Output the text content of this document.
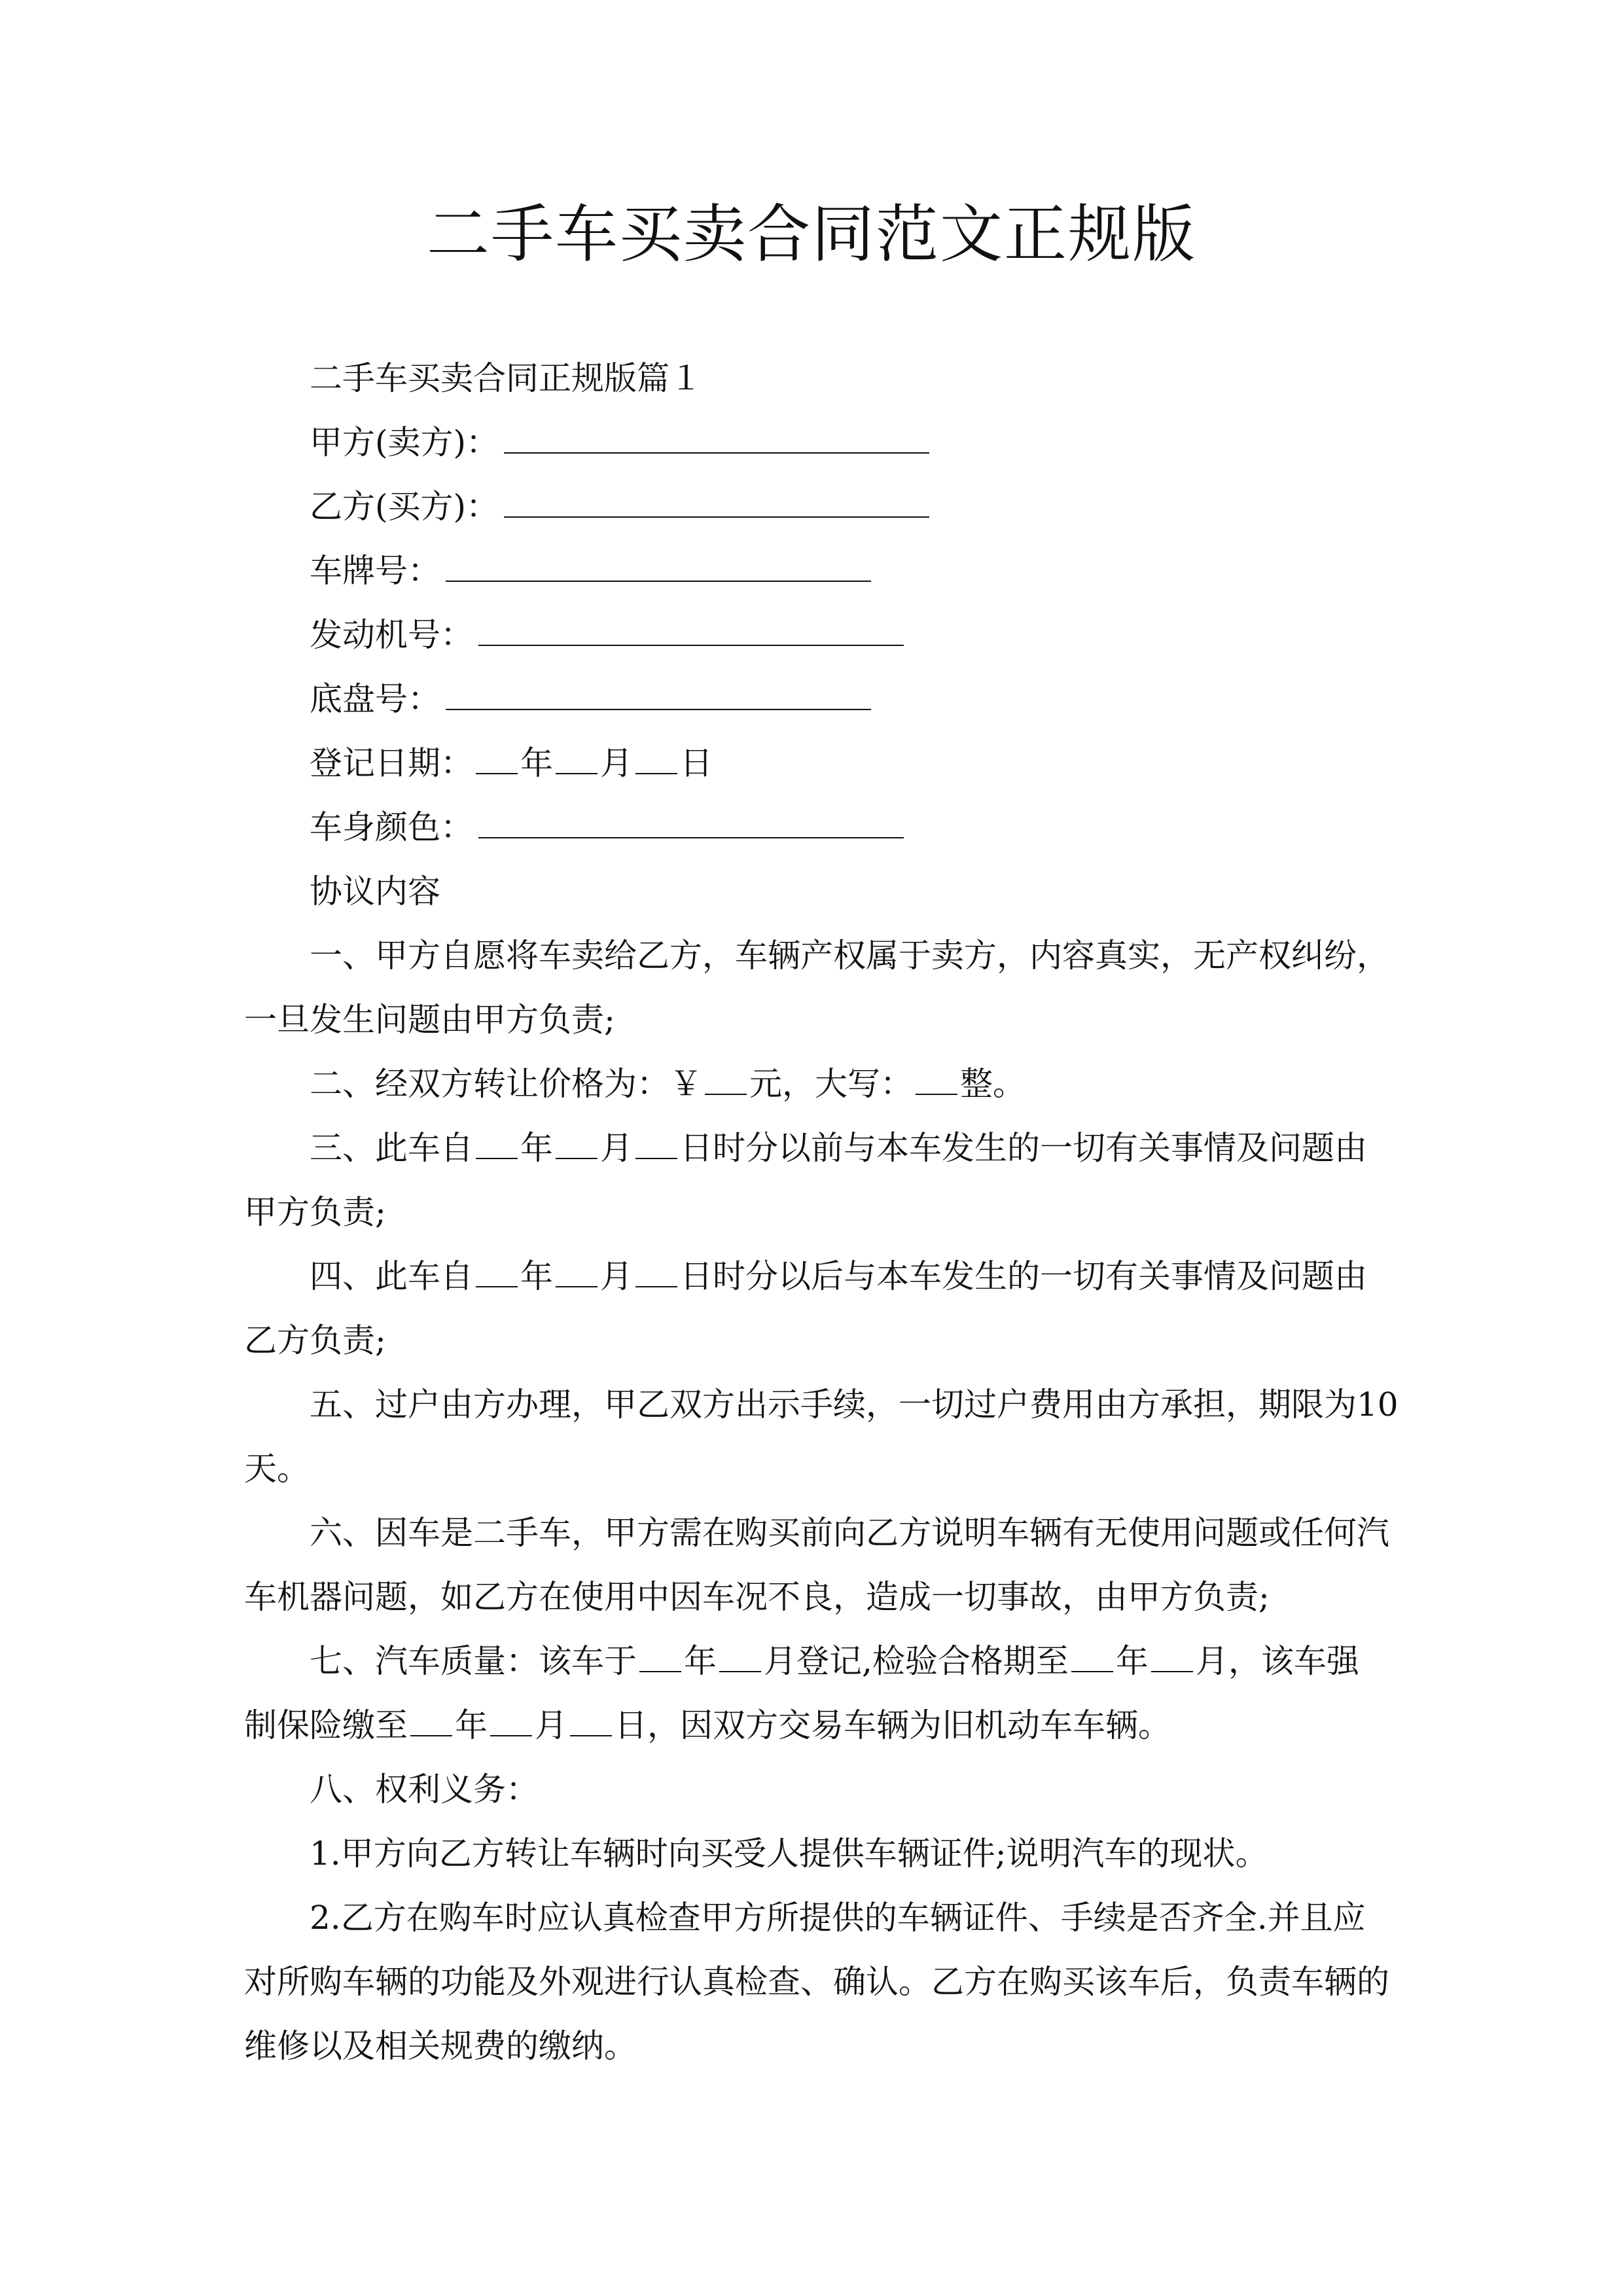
二手车买卖合同范文正规版

二手车买卖合同正规版篇１

甲方(卖方)：

乙方(买方)：

车牌号：

发动机号：

底盘号：

登记日期： 年 月 日

车身颜色：

协议内容

一、甲方自愿将车卖给乙方，车辆产权属于卖方，内容真实，无产权纠纷，

一旦发生问题由甲方负责;

二、经双方转让价格为：￥ 元，大写： 整。

三、此车自 年 月 日时分以前与本车发生的一切有关事情及问题由

甲方负责;

四、此车自 年 月 日时分以后与本车发生的一切有关事情及问题由

乙方负责;

五、过户由方办理，甲乙双方出示手续，一切过户费用由方承担，期限为10

天。

六、因车是二手车，甲方需在购买前向乙方说明车辆有无使用问题或任何汽

车机器问题，如乙方在使用中因车况不良，造成一切事故，由甲方负责;

七、汽车质量：该车于 年 月登记,检验合格期至 年 月，该车强

制保险缴至 年 月 日，因双方交易车辆为旧机动车车辆。

八、权利义务：

1.甲方向乙方转让车辆时向买受人提供车辆证件;说明汽车的现状。

2.乙方在购车时应认真检查甲方所提供的车辆证件、手续是否齐全.并且应

对所购车辆的功能及外观进行认真检查、确认。乙方在购买该车后，负责车辆的

维修以及相关规费的缴纳。
